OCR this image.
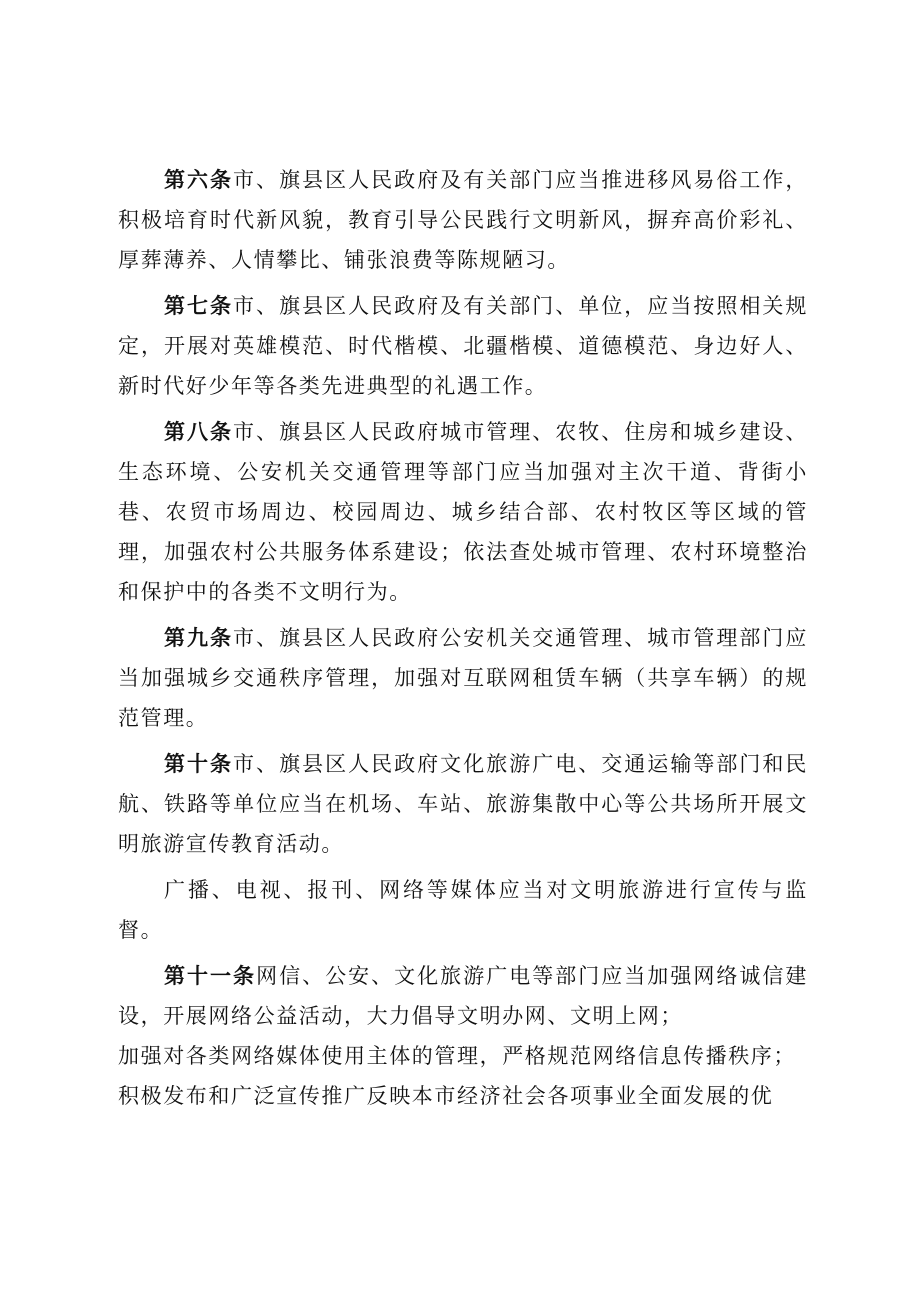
第六条市、旗县区人民政府及有关部门应当推进移风易俗工作，积极培育时代新风貌，教育引导公民践行文明新风，摒弃高价彩礼、厚葬薄养、人情攀比、铺张浪费等陈规陋习。

第七条市、旗县区人民政府及有关部门、单位，应当按照相关规定，开展对英雄模范、时代楷模、北疆楷模、道德模范、身边好人、新时代好少年等各类先进典型的礼遇工作。

第八条市、旗县区人民政府城市管理、农牧、住房和城乡建设、生态环境、公安机关交通管理等部门应当加强对主次干道、背街小巷、农贸市场周边、校园周边、城乡结合部、农村牧区等区域的管理，加强农村公共服务体系建设；依法查处城市管理、农村环境整治和保护中的各类不文明行为。

第九条市、旗县区人民政府公安机关交通管理、城市管理部门应当加强城乡交通秩序管理，加强对互联网租赁车辆（共享车辆）的规范管理。

第十条市、旗县区人民政府文化旅游广电、交通运输等部门和民航、铁路等单位应当在机场、车站、旅游集散中心等公共场所开展文明旅游宣传教育活动。

广播、电视、报刊、网络等媒体应当对文明旅游进行宣传与监督。

第十一条网信、公安、文化旅游广电等部门应当加强网络诚信建设，开展网络公益活动，大力倡导文明办网、文明上网；

加强对各类网络媒体使用主体的管理，严格规范网络信息传播秩序；

积极发布和广泛宣传推广反映本市经济社会各项事业全面发展的优
